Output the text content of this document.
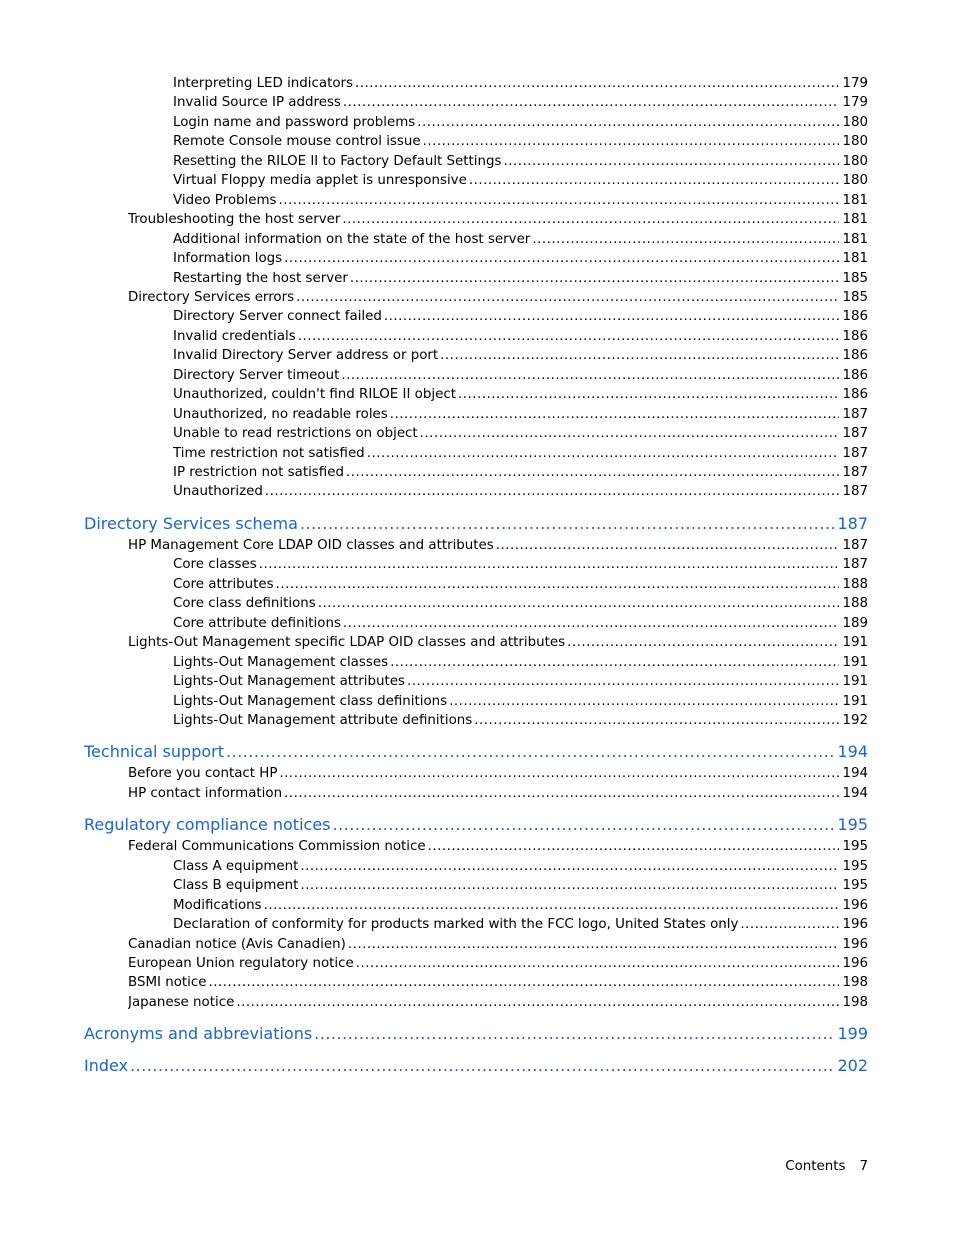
Interpreting LED indicators .....	179
Invalid Source IP address .....	179
Login name and password problems .....	180
Remote Console mouse control issue .....	180
Resetting the RILOE II to Factory Default Settings .....	180
Virtual Floppy media applet is unresponsive .....	180
Video Problems .....	181
Troubleshooting the host server .....	181
Additional information on the state of the host server .....	181
Information logs .....	181
Restarting the host server .....	185
Directory Services errors .....	185
Directory Server connect failed .....	186
Invalid credentials .....	186
Invalid Directory Server address or port .....	186
Directory Server timeout .....	186
Unauthorized, couldn't find RILOE II object .....	186
Unauthorized, no readable roles .....	187
Unable to read restrictions on object .....	187
Time restriction not satisfied .....	187
IP restriction not satisfied .....	187
Unauthorized .....	187
Directory Services schema .....	187
HP Management Core LDAP OID classes and attributes .....	187
Core classes .....	187
Core attributes .....	188
Core class definitions .....	188
Core attribute definitions .....	189
Lights-Out Management specific LDAP OID classes and attributes .....	191
Lights-Out Management classes .....	191
Lights-Out Management attributes .....	191
Lights-Out Management class definitions .....	191
Lights-Out Management attribute definitions .....	192
Technical support .....	194
Before you contact HP .....	194
HP contact information .....	194
Regulatory compliance notices .....	195
Federal Communications Commission notice .....	195
Class A equipment .....	195
Class B equipment .....	195
Modifications .....	196
Declaration of conformity for products marked with the FCC logo, United States only .....	196
Canadian notice (Avis Canadien) .....	196
European Union regulatory notice .....	196
BSMI notice .....	198
Japanese notice .....	198
Acronyms and abbreviations .....	199
Index .....	202
Contents 7
